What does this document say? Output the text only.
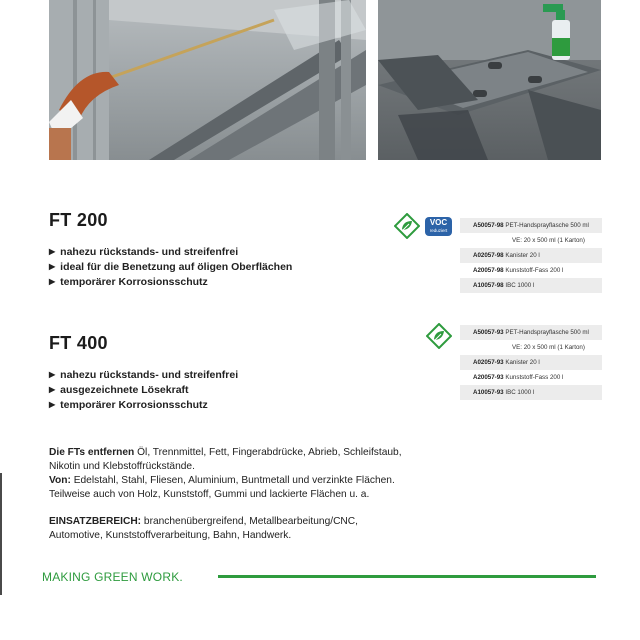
FT 200
▶ nahezu rückstands- und streifenfrei
▶ ideal für die Benetzung auf öligen Oberflächen
▶ temporärer Korrosionsschutz
VOC
reduziert
A50057-98 PET-Handsprayflasche 500 ml
VE: 20 x 500 ml (1 Karton)
A02057-98 Kanister 20 l
A20057-98 Kunststoff-Fass 200 l
A10057-98 IBC 1000 l
FT 400
▶ nahezu rückstands- und streifenfrei
▶ ausgezeichnete Lösekraft
▶ temporärer Korrosionsschutz
A50057-93 PET-Handsprayflasche 500 ml
VE: 20 x 500 ml (1 Karton)
A02057-93 Kanister 20 l
A20057-93 Kunststoff-Fass 200 l
A10057-93 IBC 1000 l
Die FTs entfernen Öl, Trennmittel, Fett, Fingerabdrücke, Abrieb, Schleifstaub,
Nikotin und Klebstoffrückstände.
Von: Edelstahl, Stahl, Fliesen, Aluminium, Buntmetall und verzinkte Flächen.
Teilweise auch von Holz, Kunststoff, Gummi und lackierte Flächen u. a.
EINSATZBEREICH: branchenübergreifend, Metallbearbeitung/CNC,
Automotive, Kunststoffverarbeitung, Bahn, Handwerk.
MAKING GREEN WORK.
